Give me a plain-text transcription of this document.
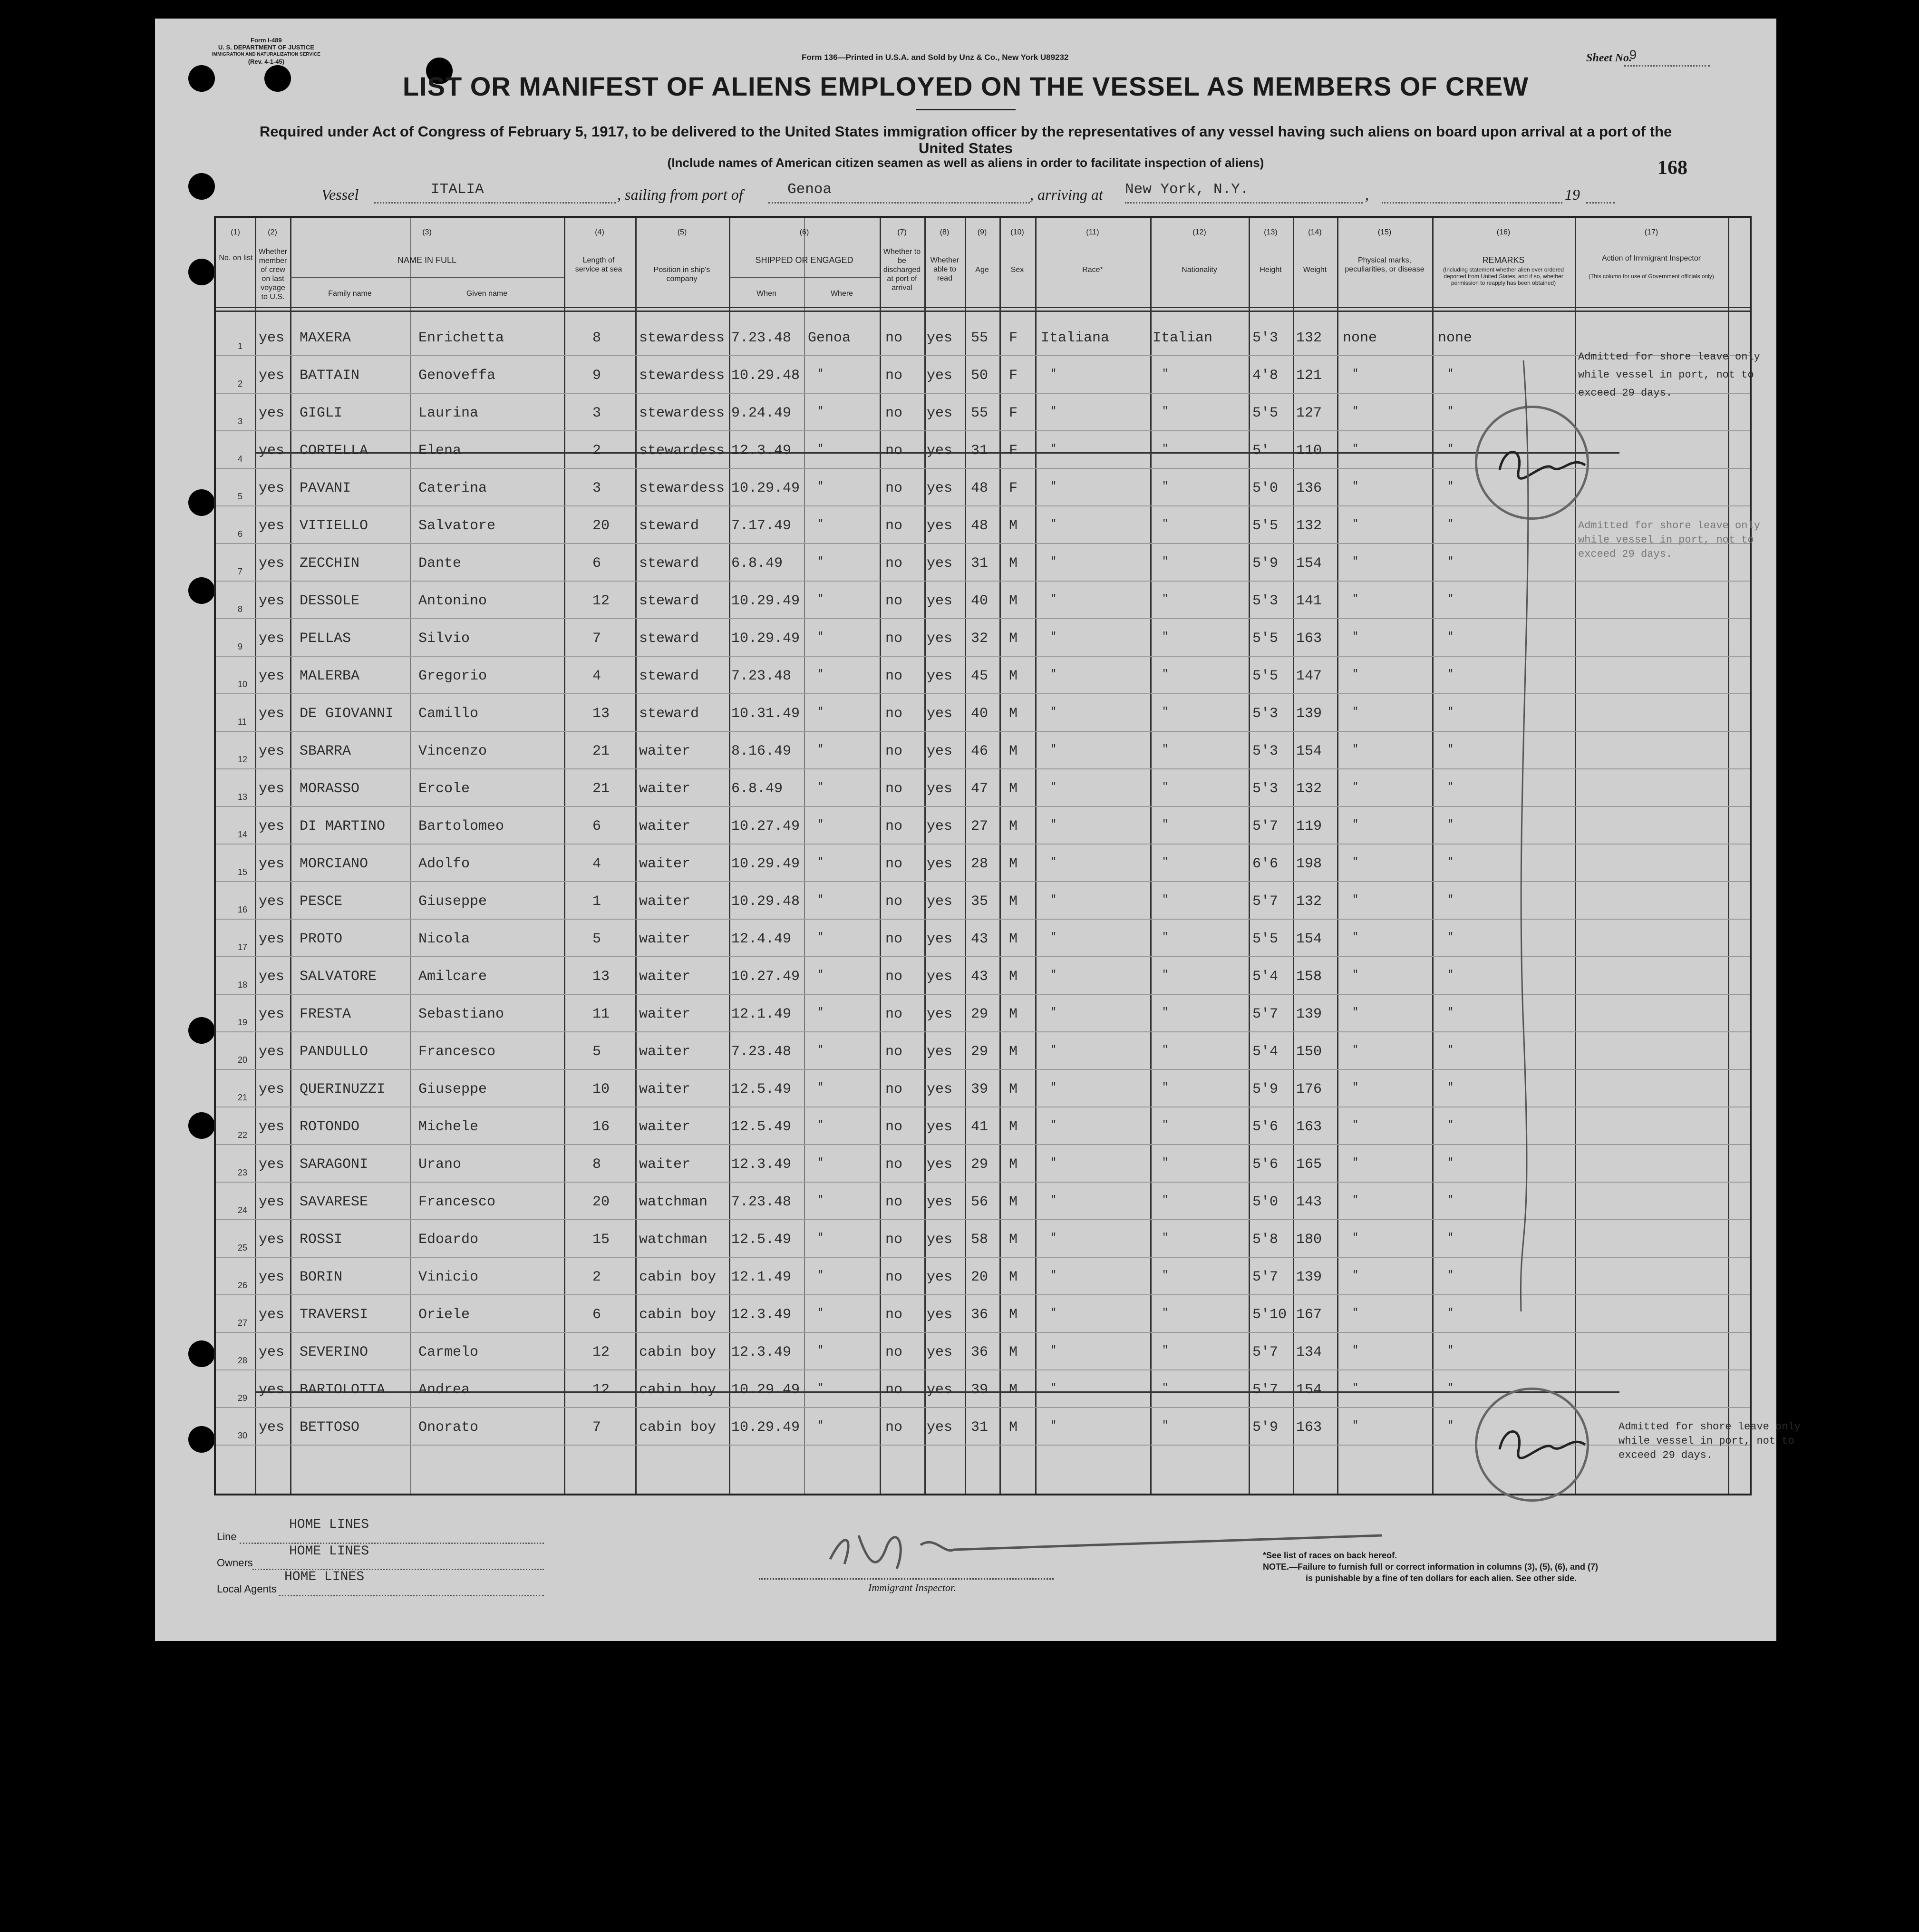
Form I-489
U. S. DEPARTMENT OF JUSTICE
IMMIGRATION AND NATURALIZATION SERVICE
(Rev. 4-1-45)	Form 136—Printed in U.S.A. and Sold by Unz & Co., New York U89232	Sheet No.
9
LIST OR MANIFEST OF ALIENS EMPLOYED ON THE VESSEL AS MEMBERS OF CREW
Required under Act of Congress of February 5, 1917, to be delivered to the United States immigration officer by the representatives of any vessel having such aliens on board upon arrival at a port of the United States
(Include names of American citizen seamen as well as aliens in order to facilitate inspection of aliens)	168
Vessel	ITALIA	, sailing from port of	Genoa	, arriving at New York, N.Y.	,	19
(1)	(2)	(3)	(4)	(5)	(6)	(7)	(8)	(9)	(10)	(11)	(12)	(13)	(14)	(15)	(16)	(17)
No. on list
Whether member of crew on last voyage to U.S.
NAME IN FULL
Family name	Given name
Length of service at sea	Position in ship's company
SHIPPED OR ENGAGED
When	Where
Whether to be discharged at port of arrival
Whether able to read
Age	Sex	Race*	Nationality	Height	Weight
Physical marks, peculiarities, or disease
REMARKS
(Including statement whether alien ever ordered deported from United States, and if so, whether permission to reapply has been obtained)
Action of Immigrant Inspector
(This column for use of Government officials only)
1 yes MAXERA	Enrichetta	8	stewardess 7.23.48 Genoa no yes 55 F Italiana	Italian	5'3 132 none	none
2 yes BATTAIN	Genoveffa	9	stewardess 10.29.48 "	no yes 50 F	"	"	4'8 121	"	"
3 yes GIGLI	Laurina	3	stewardess 9.24.49 "	no yes 55 F	"	"	5'5 127	"	"
4 yes CORTELLA	Elena	2	stewardess 12.3.49 "	no yes 31 F	"	"	5' 110	"	"
5 yes PAVANI	Caterina	3	stewardess 10.29.49 "	no yes 48 F	"	"	5'0 136	"	"
6 yes VITIELLO	Salvatore	20 steward 7.17.49 "	no yes 48 M	"	"	5'5 132	"	"
7 yes ZECCHIN	Dante	6	steward 6.8.49	"	no yes 31 M	"	"	5'9 154	"	"
8 yes DESSOLE	Antonino	12 steward 10.29.49 "	no yes 40 M	"	"	5'3 141	"	"
9 yes PELLAS	Silvio	7	steward 10.29.49 "	no yes 32 M	"	"	5'5 163	"	"
10 yes MALERBA	Gregorio	4	steward 7.23.48 "	no yes 45 M	"	"	5'5 147	"	"
11 yes DE GIOVANNI Camillo	13 steward 10.31.49 "	no yes 40 M	"	"	5'3 139	"	"
12 yes SBARRA	Vincenzo	21 waiter	8.16.49 "	no yes 46 M	"	"	5'3 154	"	"
13 yes MORASSO	Ercole	21 waiter	6.8.49	"	no yes 47 M	"	"	5'3 132	"	"
14 yes DI MARTINO Bartolomeo	6	waiter	10.27.49 "	no yes 27 M	"	"	5'7 119	"	"
15 yes MORCIANO	Adolfo	4	waiter	10.29.49 "	no yes 28 M	"	"	6'6 198	"	"
16 yes PESCE	Giuseppe	1	waiter	10.29.48 "	no yes 35 M	"	"	5'7 132	"	"
17 yes PROTO	Nicola	5	waiter	12.4.49 "	no yes 43 M	"	"	5'5 154	"	"
18 yes SALVATORE	Amilcare	13 waiter	10.27.49 "	no yes 43 M	"	"	5'4 158	"	"
19 yes FRESTA	Sebastiano	11 waiter	12.1.49 "	no yes 29 M	"	"	5'7 139	"	"
20 yes PANDULLO	Francesco	5	waiter	7.23.48 "	no yes 29 M	"	"	5'4 150	"	"
21 yes QUERINUZZI Giuseppe	10 waiter	12.5.49 "	no yes 39 M	"	"	5'9 176	"	"
22 yes ROTONDO	Michele	16 waiter	12.5.49 "	no yes 41 M	"	"	5'6 163	"	"
23 yes SARAGONI	Urano	8	waiter	12.3.49 "	no yes 29 M	"	"	5'6 165	"	"
24 yes SAVARESE	Francesco	20 watchman 7.23.48 "	no yes 56 M	"	"	5'0 143	"	"
25 yes ROSSI	Edoardo	15 watchman 12.5.49 "	no yes 58 M	"	"	5'8 180	"	"
26 yes BORIN	Vinicio	2	cabin boy 12.1.49 "	no yes 20 M	"	"	5'7 139	"	"
27 yes TRAVERSI	Oriele	6	cabin boy 12.3.49 "	no yes 36 M	"	"	5'10 167	"	"
28 yes SEVERINO	Carmelo	12 cabin boy 12.3.49 "	no yes 36 M	"	"	5'7 134	"	"
29 yes BARTOLOTTA Andrea	12 cabin boy 10.29.49 "	no yes 39 M	"	"	5'7 154	"	"
30 yes BETTOSO	Onorato	7	cabin boy 10.29.49 "	no yes 31 M	"	"	5'9 163	"	"
Admitted for shore leave only
while vessel in port, not to
exceed 29 days.
Admitted for shore leave only
while vessel in port, not to
exceed 29 days.
Admitted for shore leave only
while vessel in port, not to
exceed 29 days.
Line
HOME LINES
Owners
HOME LINES
Local Agents
HOME LINES
Immigrant Inspector.
*See list of races on back hereof.
NOTE.—Failure to furnish full or correct information in columns (3), (5), (6), and (7)
is punishable by a fine of ten dollars for each alien. See other side.
